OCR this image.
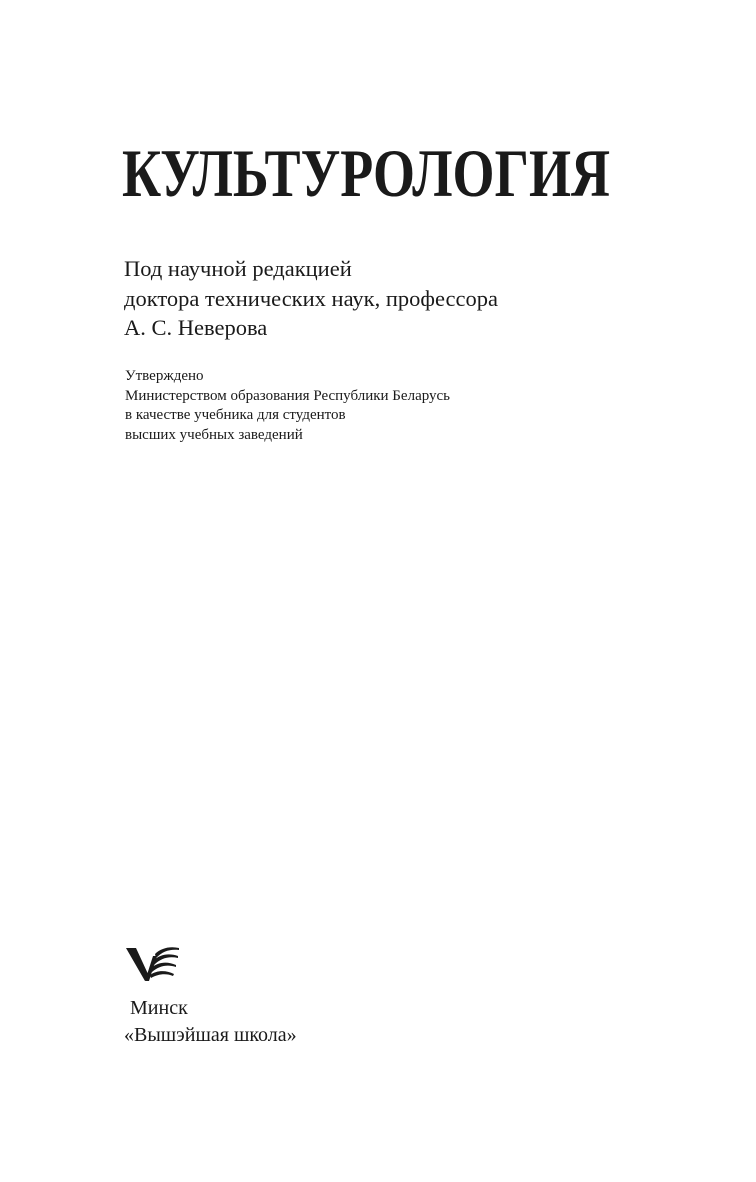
КУЛЬТУРОЛОГИЯ
Под научной редакцией
доктора технических наук, профессора
А. С. Неверова
Утверждено
Министерством образования Республики Беларусь
в качестве учебника для студентов
высших учебных заведений
Минск
«Вышэйшая школа»
